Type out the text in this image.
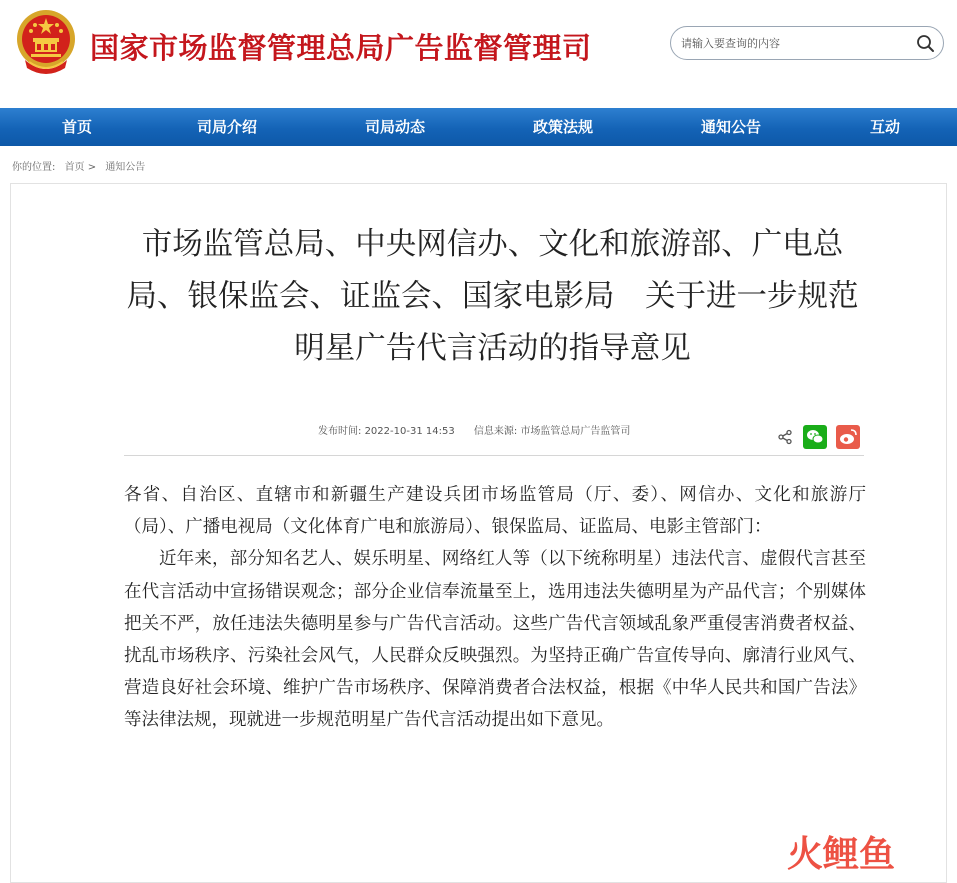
国家市场监督管理总局广告监督管理司
请输入要查询的内容
首页	司局介绍	司局动态	政策法规	通知公告	互动
你的位置: 首页 > 通知公告
市场监管总局、中央网信办、文化和旅游部、广电总局、银保监会、证监会、国家电影局　关于进一步规范明星广告代言活动的指导意见
发布时间: 2022-10-31 14:53 信息来源: 市场监管总局广告监管司

各省、自治区、直辖市和新疆生产建设兵团市场监管局（厅、委）、网信办、文化和旅游厅（局）、广播电视局（文化体育广电和旅游局）、银保监局、证监局、电影主管部门：

近年来，部分知名艺人、娱乐明星、网络红人等（以下统称明星）违法代言、虚假代言甚至在代言活动中宣扬错误观念；部分企业信奉流量至上，选用违法失德明星为产品代言；个别媒体把关不严，放任违法失德明星参与广告代言活动。这些广告代言领域乱象严重侵害消费者权益、扰乱市场秩序、污染社会风气，人民群众反映强烈。为坚持正确广告宣传导向、廓清行业风气、营造良好社会环境、维护广告市场秩序、保障消费者合法权益，根据《中华人民共和国广告法》等法律法规，现就进一步规范明星广告代言活动提出如下意见。

火鲤鱼
